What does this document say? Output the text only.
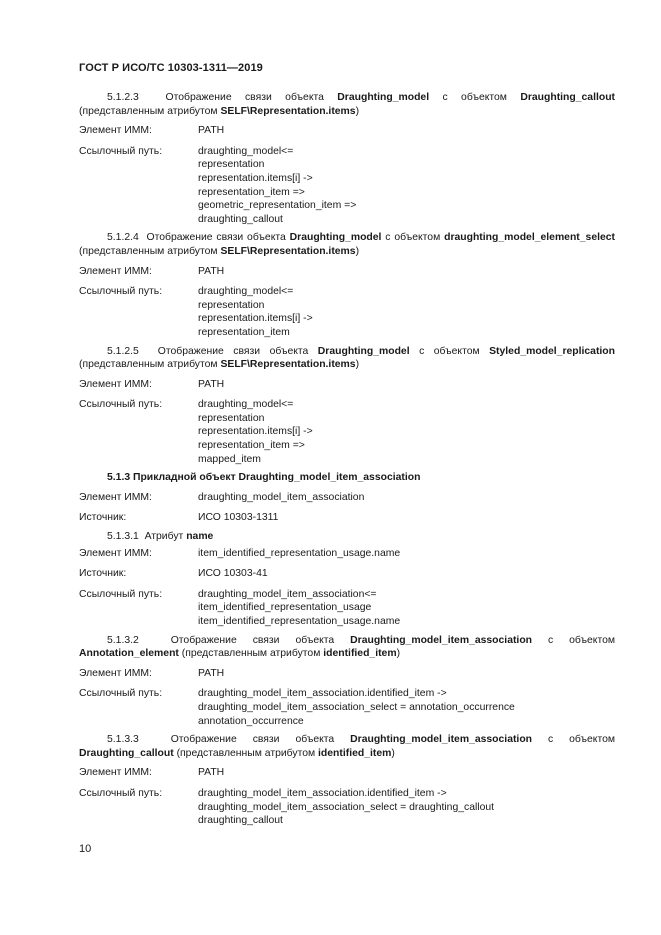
ГОСТ Р ИСО/ТС 10303-1311—2019
5.1.2.3	Отображение связи объекта Draughting_model с объектом Draughting_callout (представленным атрибутом SELF\Representation.items)
Элемент ИММ:	PATH
Ссылочный путь:	draughting_model<=
representation
representation.items[i] ->
representation_item =>
geometric_representation_item =>
draughting_callout
5.1.2.4 Отображение связи объекта Draughting_model с объектом draughting_model_element_select (представленным атрибутом SELF\Representation.items)
Элемент ИММ:	PATH
Ссылочный путь:	draughting_model<=
representation
representation.items[i] ->
representation_item
5.1.2.5 Отображение связи объекта Draughting_model с объектом Styled_model_replication (представленным атрибутом SELF\Representation.items)
Элемент ИММ:	PATH
Ссылочный путь:	draughting_model<=
representation
representation.items[i] ->
representation_item =>
mapped_item
5.1.3 Прикладной объект Draughting_model_item_association
Элемент ИММ:	draughting_model_item_association
Источник:	ИСО 10303-1311
5.1.3.1 Атрибут name
Элемент ИММ:	item_identified_representation_usage.name
Источник:	ИСО 10303-41
Ссылочный путь:	draughting_model_item_association<=
item_identified_representation_usage
item_identified_representation_usage.name
5.1.3.2	Отображение связи объекта Draughting_model_item_association с объектом Annotation_element (представленным атрибутом identified_item)
Элемент ИММ:	PATH
Ссылочный путь:	draughting_model_item_association.identified_item ->
draughting_model_item_association_select = annotation_occurrence
annotation_occurrence
5.1.3.3	Отображение связи объекта Draughting_model_item_association с объектом Draughting_callout (представленным атрибутом identified_item)
Элемент ИММ:	PATH
Ссылочный путь:	draughting_model_item_association.identified_item ->
draughting_model_item_association_select = draughting_callout
draughting_callout
10
